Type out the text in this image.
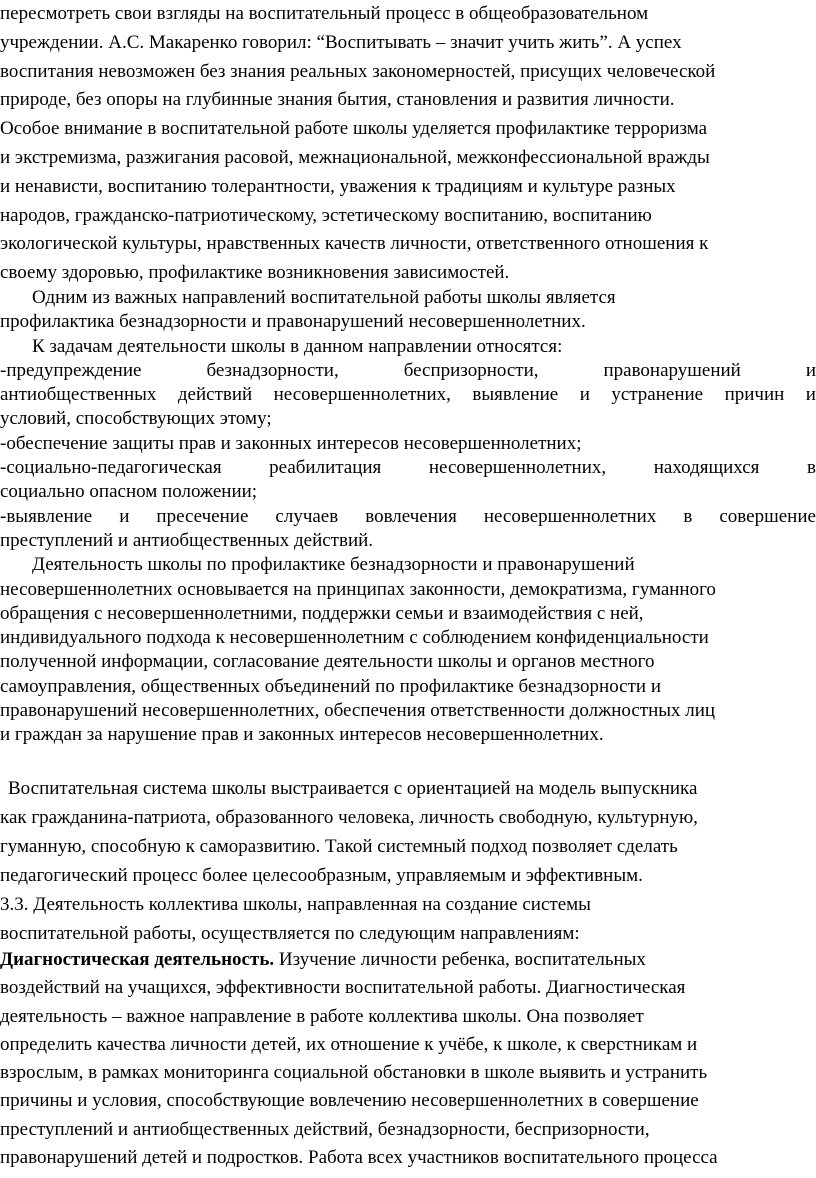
пересмотреть свои взгляды на воспитательный процесс в общеобразовательном
учреждении. А.С. Макаренко говорил: “Воспитывать – значит учить жить”. А успех
воспитания невозможен без знания реальных закономерностей, присущих человеческой
природе, без опоры на глубинные знания бытия, становления и развития личности.
Особое внимание в воспитательной работе школы уделяется профилактике терроризма
и экстремизма, разжигания расовой, межнациональной, межконфессиональной вражды
и ненависти, воспитанию толерантности, уважения к традициям и культуре разных
народов, гражданско-патриотическому, эстетическому воспитанию, воспитанию
экологической культуры, нравственных качеств личности, ответственного отношения к
своему здоровью, профилактике возникновения зависимостей.
Одним из важных направлений воспитательной работы школы является
профилактика безнадзорности и правонарушений несовершеннолетних.
К задачам деятельности школы в данном направлении относятся:
-предупреждение	безнадзорности,	беспризорности,	правонарушений	и
антиобщественных действий несовершеннолетних, выявление и устранение причин и
условий, способствующих этому;
-обеспечение защиты прав и законных интересов несовершеннолетних;
-социально-педагогическая	реабилитация	несовершеннолетних,	находящихся	в
социально опасном положении;
-выявление и пресечение случаев вовлечения несовершеннолетних в совершение
преступлений и антиобщественных действий.
Деятельность школы по профилактике безнадзорности и правонарушений
несовершеннолетних основывается на принципах законности, демократизма, гуманного
обращения с несовершеннолетними, поддержки семьи и взаимодействия с ней,
индивидуального подхода к несовершеннолетним с соблюдением конфиденциальности
полученной информации, согласование деятельности школы и органов местного
самоуправления, общественных объединений по профилактике безнадзорности и
правонарушений несовершеннолетних, обеспечения ответственности должностных лиц
и граждан за нарушение прав и законных интересов несовершеннолетних.
Воспитательная система школы выстраивается с ориентацией на модель выпускника
как гражданина-патриота, образованного человека, личность свободную, культурную,
гуманную, способную к саморазвитию. Такой системный подход позволяет сделать
педагогический процесс более целесообразным, управляемым и эффективным.
3.3. Деятельность коллектива школы, направленная на создание системы
воспитательной работы, осуществляется по следующим направлениям:
Диагностическая деятельность. Изучение личности ребенка, воспитательных
воздействий на учащихся, эффективности воспитательной работы. Диагностическая
деятельность – важное направление в работе коллектива школы. Она позволяет
определить качества личности детей, их отношение к учёбе, к школе, к сверстникам и
взрослым, в рамках мониторинга социальной обстановки в школе выявить и устранить
причины и условия, способствующие вовлечению несовершеннолетних в совершение
преступлений и антиобщественных действий, безнадзорности, беспризорности,
правонарушений детей и подростков. Работа всех участников воспитательного процесса
